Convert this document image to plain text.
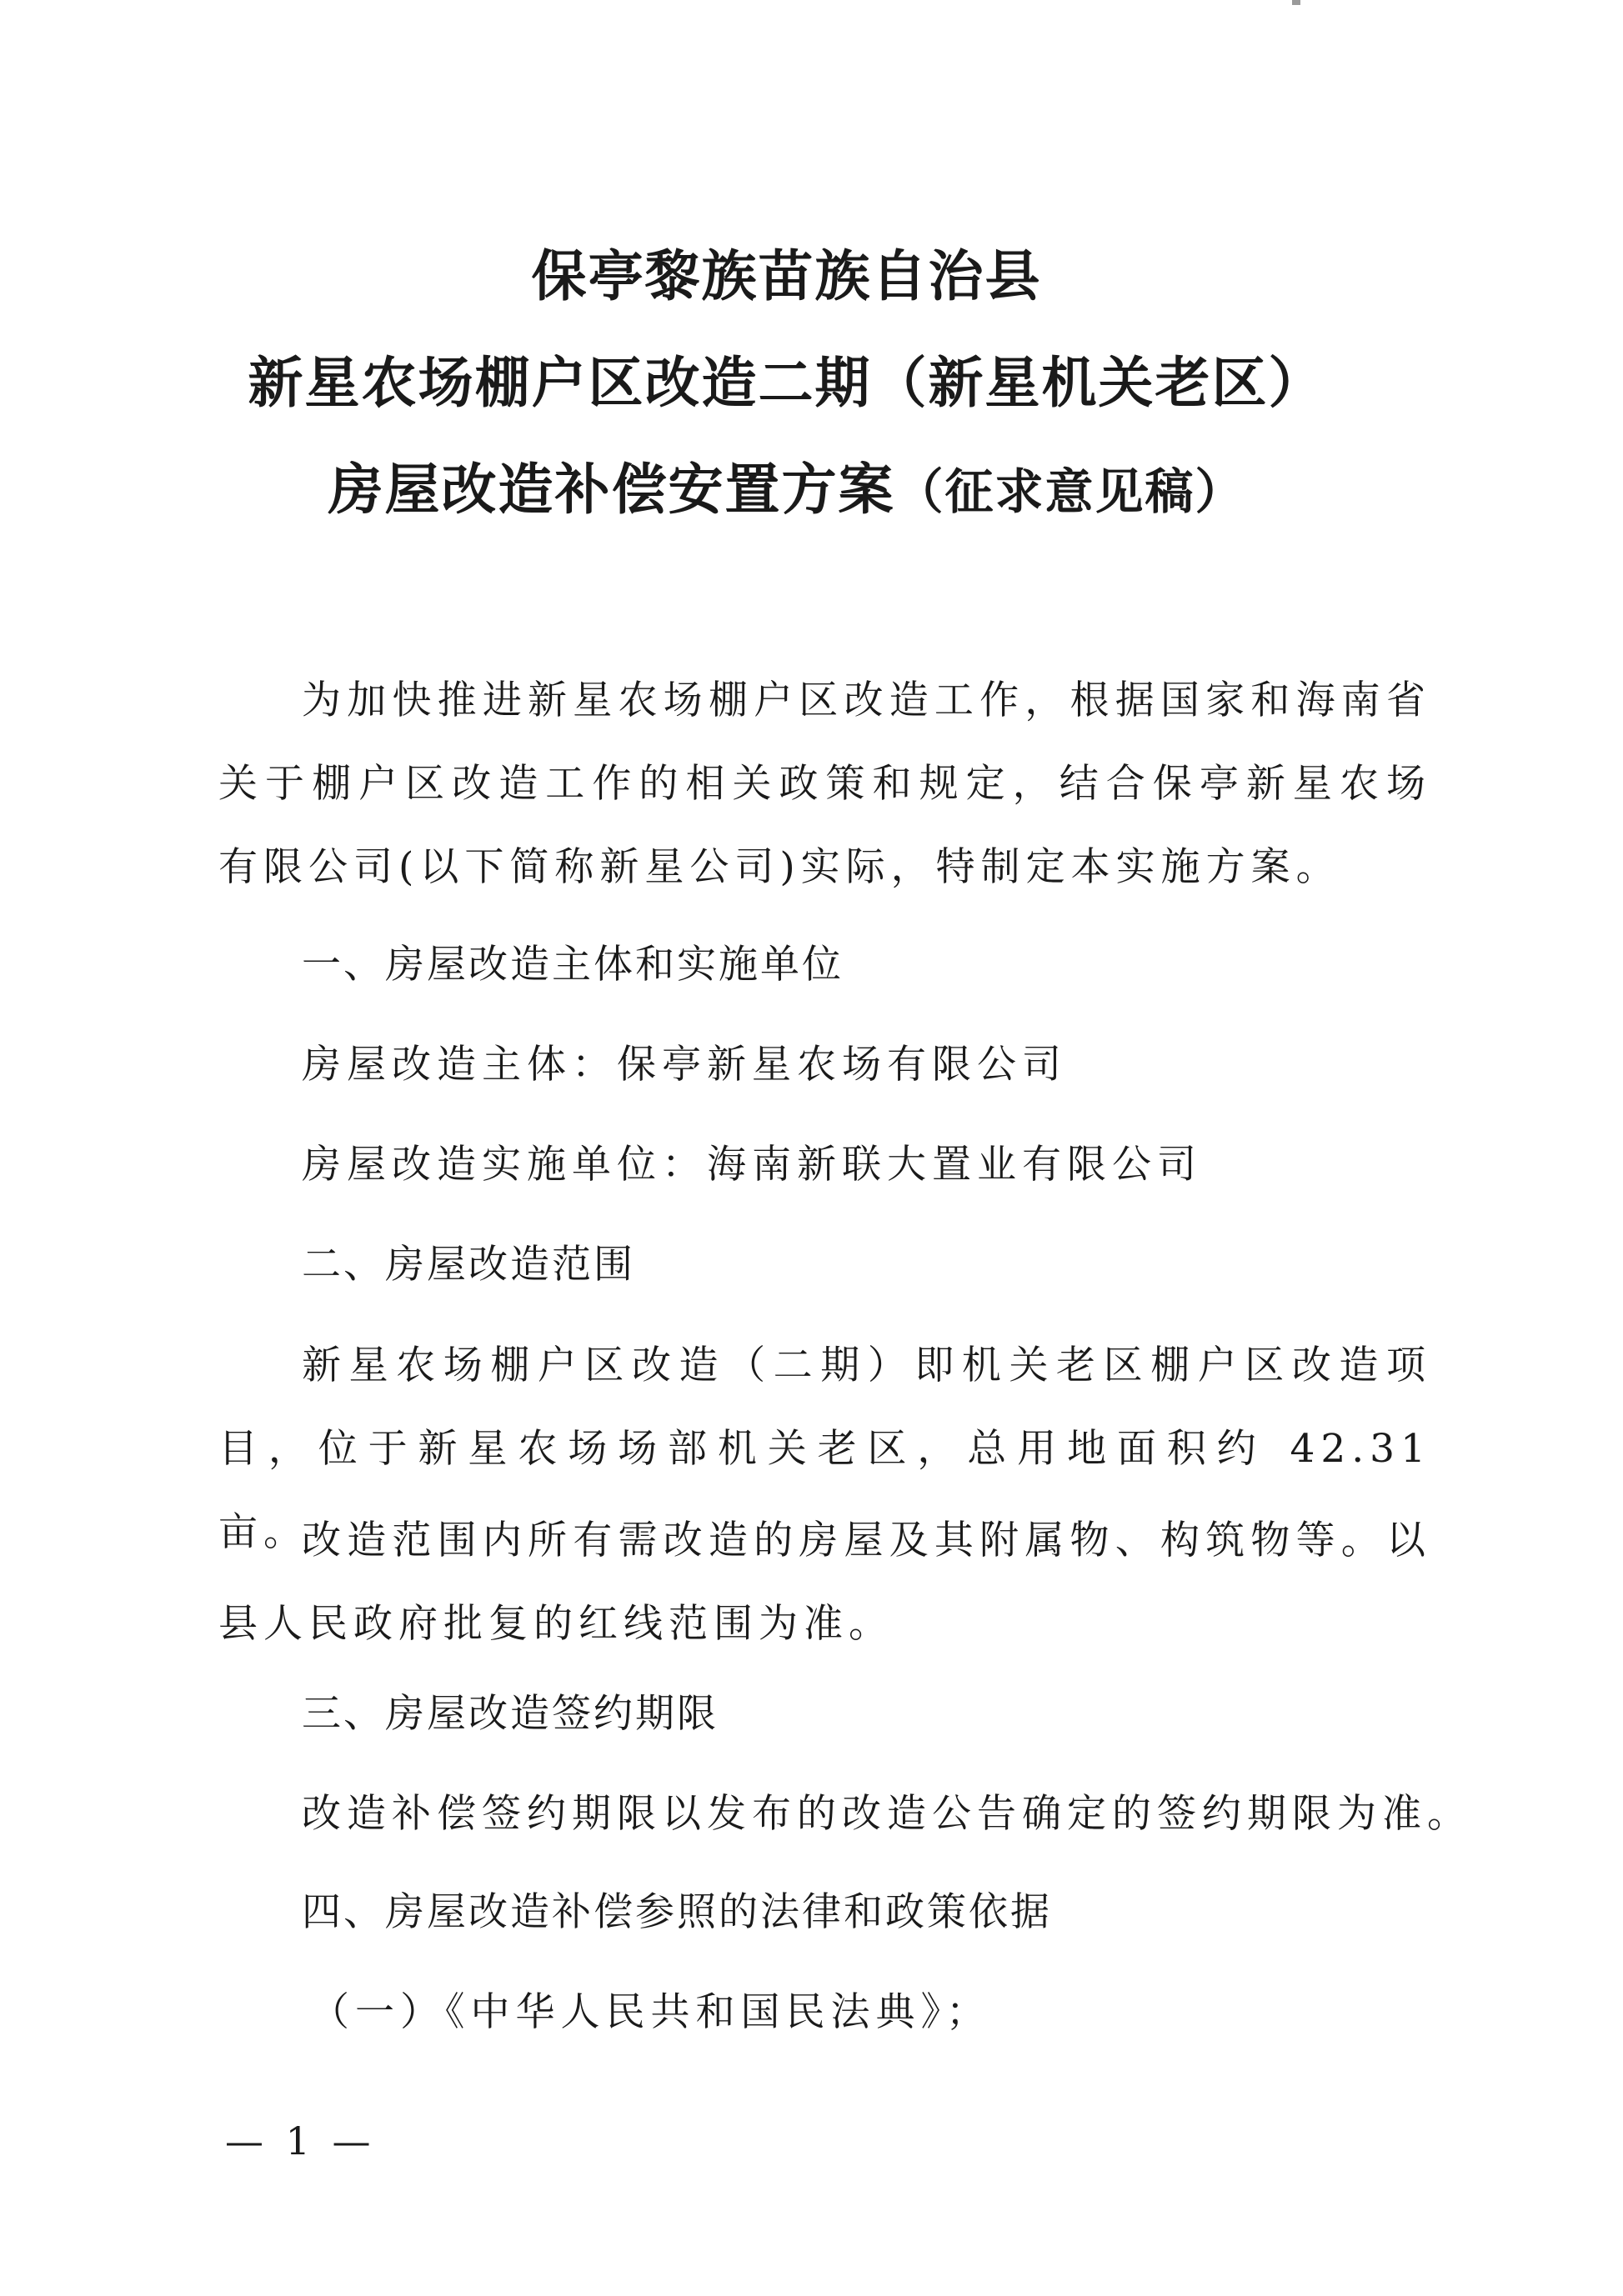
保亭黎族苗族自治县
新星农场棚户区改造二期（新星机关老区）
房屋改造补偿安置方案（征求意见稿）
为加快推进新星农场棚户区改造工作，根据国家和海南省关于棚户区改造工作的相关政策和规定，结合保亭新星农场有限公司(以下简称新星公司)实际，特制定本实施方案。
一、房屋改造主体和实施单位
房屋改造主体：保亭新星农场有限公司
房屋改造实施单位：海南新联大置业有限公司
二、房屋改造范围
新星农场棚户区改造（二期）即机关老区棚户区改造项目，位于新星农场场部机关老区，总用地面积约 42.31 亩。
改造范围内所有需改造的房屋及其附属物、构筑物等。以县人民政府批复的红线范围为准。
三、房屋改造签约期限
改造补偿签约期限以发布的改造公告确定的签约期限为准。
四、房屋改造补偿参照的法律和政策依据
（一）《中华人民共和国民法典》；
— 1 —
